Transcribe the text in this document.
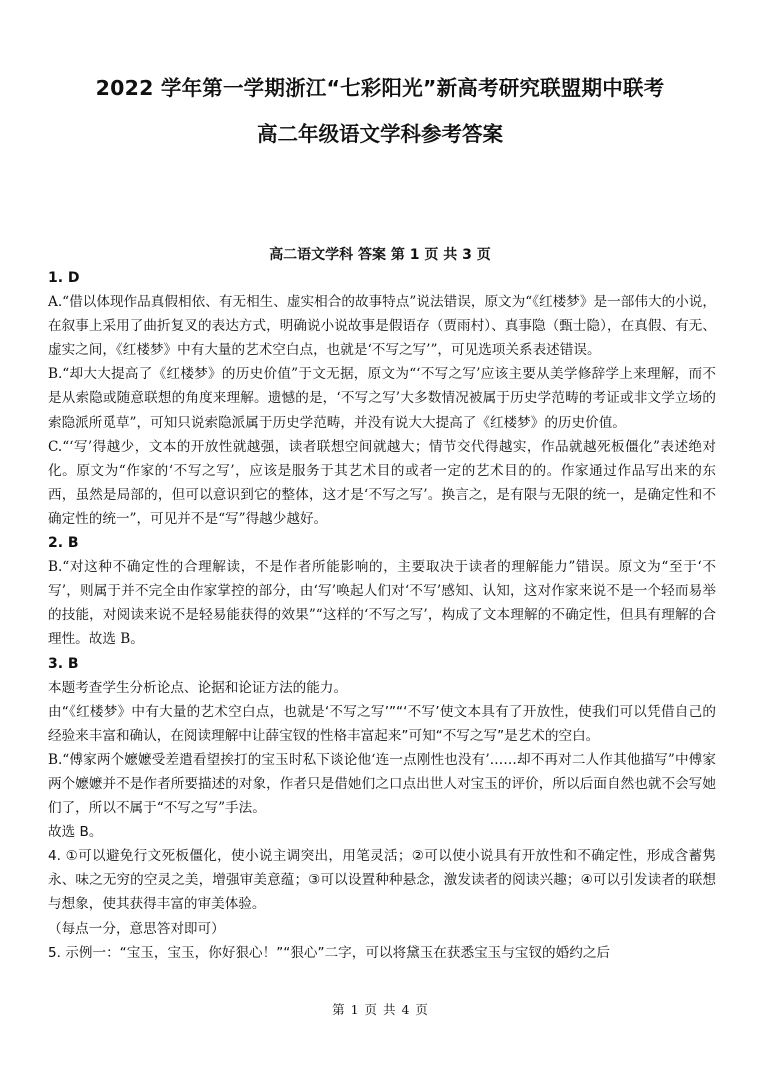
2022 学年第一学期浙江“七彩阳光”新高考研究联盟期中联考
高二年级语文学科参考答案
高二语文学科 答案 第 1 页 共 3 页

1. D

A.“借以体现作品真假相依、有无相生、虚实相合的故事特点”说法错误，原文为“《红楼梦》是一部伟大的小说，在叙事上采用了曲折复叉的表达方式，明确说小说故事是假语存（贾雨村）、真事隐（甄士隐），在真假、有无、虚实之间，《红楼梦》中有大量的艺术空白点，也就是‘不写之写’”，可见选项关系表述错误。

B.“却大大提高了《红楼梦》的历史价值”于文无据，原文为“‘不写之写’应该主要从美学修辞学上来理解，而不是从索隐或随意联想的角度来理解。遗憾的是，‘不写之写’大多数情况被属于历史学范畴的考证或非文学立场的索隐派所觅草”，可知只说索隐派属于历史学范畴，并没有说大大提高了《红楼梦》的历史价值。

C.“‘写’得越少，文本的开放性就越强，读者联想空间就越大；情节交代得越实，作品就越死板僵化”表述绝对化。原文为“作家的‘不写之写’，应该是服务于其艺术目的或者一定的艺术目的的。作家通过作品写出来的东西，虽然是局部的，但可以意识到它的整体，这才是‘不写之写’。换言之，是有限与无限的统一，是确定性和不确定性的统一”，可见并不是“写”得越少越好。

2. B

B.“对这种不确定性的合理解读，不是作者所能影响的，主要取决于读者的理解能力”错误。原文为“至于‘不写’，则属于并不完全由作家掌控的部分，由‘写’唤起人们对‘不写’感知、认知，这对作家来说不是一个轻而易举的技能，对阅读来说不是轻易能获得的效果”“这样的‘不写之写’，构成了文本理解的不确定性，但具有理解的合理性。故选 B。

3. B

本题考查学生分析论点、论据和论证方法的能力。

由“《红楼梦》中有大量的艺术空白点，也就是‘不写之写’”“‘不写’使文本具有了开放性，使我们可以凭借自己的经验来丰富和确认，在阅读理解中让薛宝钗的性格丰富起来”可知“不写之写”是艺术的空白。

B.“傅家两个嬷嬷受差遣看望挨打的宝玉时私下谈论他‘连一点刚性也没有’……却不再对二人作其他描写”中傅家两个嬷嬷并不是作者所要描述的对象，作者只是借她们之口点出世人对宝玉的评价，所以后面自然也就不会写她们了，所以不属于“不写之写”手法。

故选 B。

4. ①可以避免行文死板僵化，使小说主调突出，用笔灵活；②可以使小说具有开放性和不确定性，形成含蓄隽永、味之无穷的空灵之美，增强审美意蕴；③可以设置种种悬念，激发读者的阅读兴趣；④可以引发读者的联想与想象，使其获得丰富的审美体验。

（每点一分，意思答对即可）

5. 示例一：“宝玉，宝玉，你好狠心！”“狠心”二字，可以将黛玉在获悉宝玉与宝钗的婚约之后

第 1 页 共 4 页
